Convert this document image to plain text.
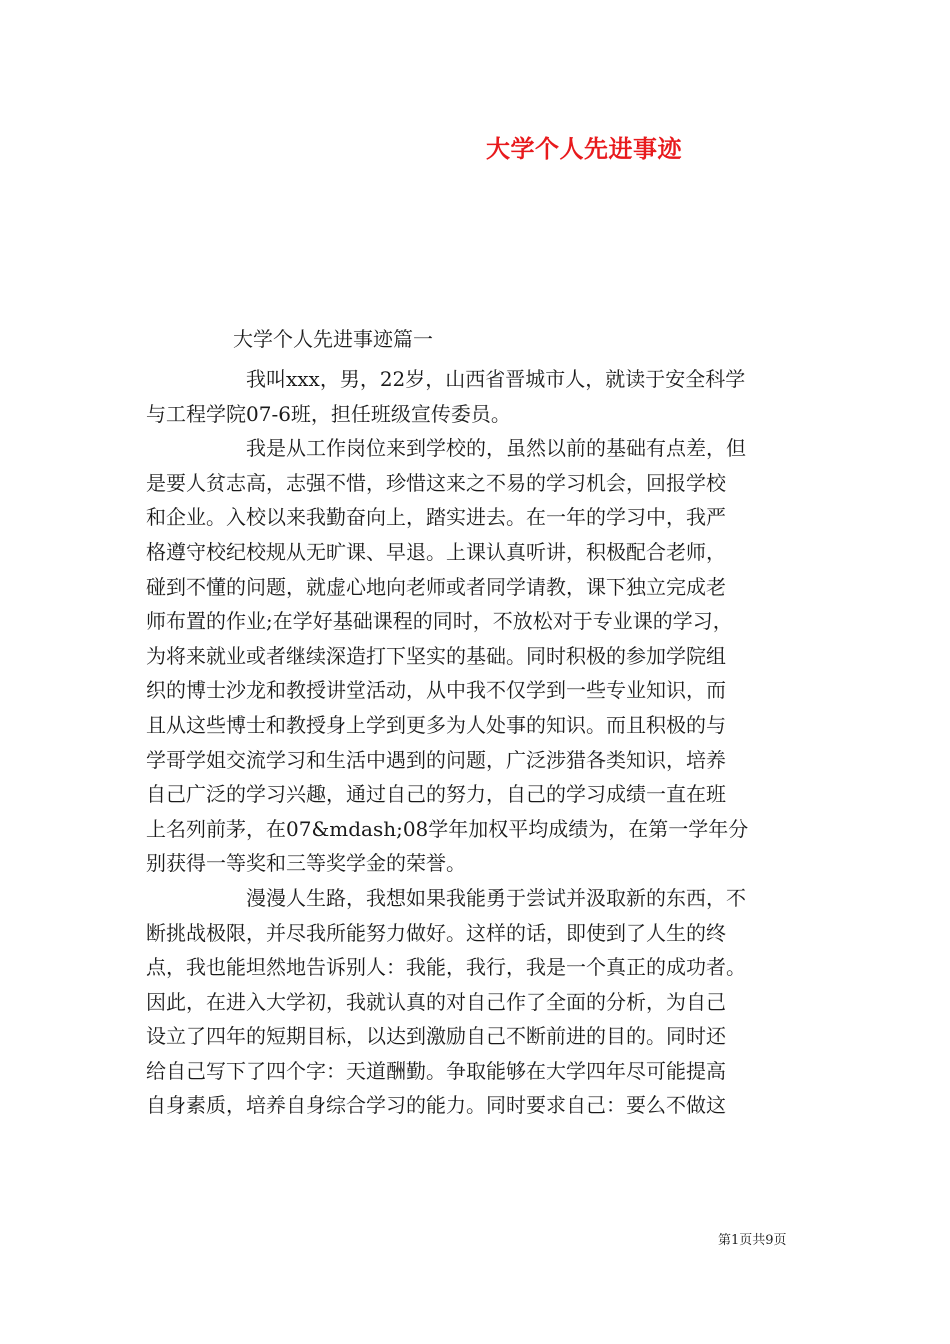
大学个人先进事迹
大学个人先进事迹篇一
我叫xxx，男，22岁，山西省晋城市人，就读于安全科学
与工程学院07-6班，担任班级宣传委员。
我是从工作岗位来到学校的，虽然以前的基础有点差，但
是要人贫志高，志强不惜，珍惜这来之不易的学习机会，回报学校
和企业。入校以来我勤奋向上，踏实进去。在一年的学习中，我严
格遵守校纪校规从无旷课、早退。上课认真听讲，积极配合老师，
碰到不懂的问题，就虚心地向老师或者同学请教，课下独立完成老
师布置的作业;在学好基础课程的同时，不放松对于专业课的学习，
为将来就业或者继续深造打下坚实的基础。同时积极的参加学院组
织的博士沙龙和教授讲堂活动，从中我不仅学到一些专业知识，而
且从这些博士和教授身上学到更多为人处事的知识。而且积极的与
学哥学姐交流学习和生活中遇到的问题，广泛涉猎各类知识，培养
自己广泛的学习兴趣，通过自己的努力，自己的学习成绩一直在班
上名列前茅，在07&mdash;08学年加权平均成绩为，在第一学年分
别获得一等奖和三等奖学金的荣誉。
漫漫人生路，我想如果我能勇于尝试并汲取新的东西，不
断挑战极限，并尽我所能努力做好。这样的话，即使到了人生的终
点，我也能坦然地告诉别人：我能，我行，我是一个真正的成功者。
因此，在进入大学初，我就认真的对自己作了全面的分析，为自己
设立了四年的短期目标，以达到激励自己不断前进的目的。同时还
给自己写下了四个字：天道酬勤。争取能够在大学四年尽可能提高
自身素质，培养自身综合学习的能力。同时要求自己：要么不做这
第1页共9页
